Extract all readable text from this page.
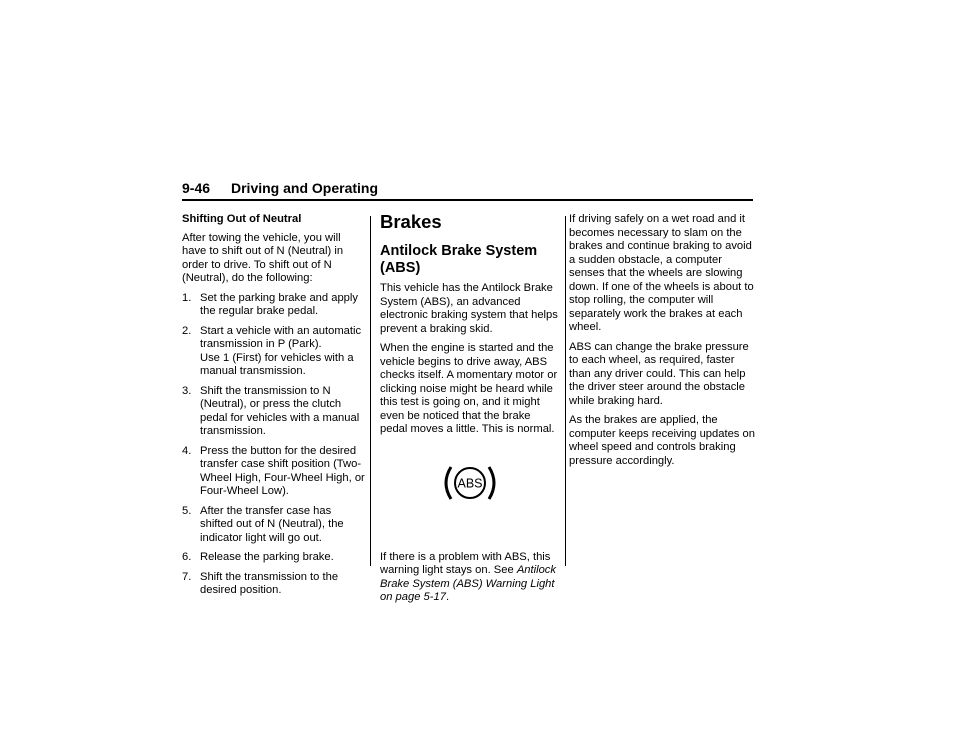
9-46 Driving and Operating

Shifting Out of Neutral

After towing the vehicle, you will have to shift out of N (Neutral) in order to drive. To shift out of N (Neutral), do the following:

1. Set the parking brake and apply the regular brake pedal.
2. Start a vehicle with an automatic transmission in P (Park).
Use 1 (First) for vehicles with a manual transmission.
3. Shift the transmission to N (Neutral), or press the clutch pedal for vehicles with a manual transmission.
4. Press the button for the desired transfer case shift position (Two-Wheel High, Four-Wheel High, or Four-Wheel Low).
5. After the transfer case has shifted out of N (Neutral), the indicator light will go out.
6. Release the parking brake.
7. Shift the transmission to the desired position.
Brakes
Antilock Brake System (ABS)

This vehicle has the Antilock Brake System (ABS), an advanced electronic braking system that helps prevent a braking skid.

When the engine is started and the vehicle begins to drive away, ABS checks itself. A momentary motor or clicking noise might be heard while this test is going on, and it might even be noticed that the brake pedal moves a little. This is normal.

ABS

If there is a problem with ABS, this warning light stays on. See Antilock Brake System (ABS) Warning Light on page 5-17.

If driving safely on a wet road and it becomes necessary to slam on the brakes and continue braking to avoid a sudden obstacle, a computer senses that the wheels are slowing down. If one of the wheels is about to stop rolling, the computer will separately work the brakes at each wheel.

ABS can change the brake pressure to each wheel, as required, faster than any driver could. This can help the driver steer around the obstacle while braking hard.

As the brakes are applied, the computer keeps receiving updates on wheel speed and controls braking pressure accordingly.
